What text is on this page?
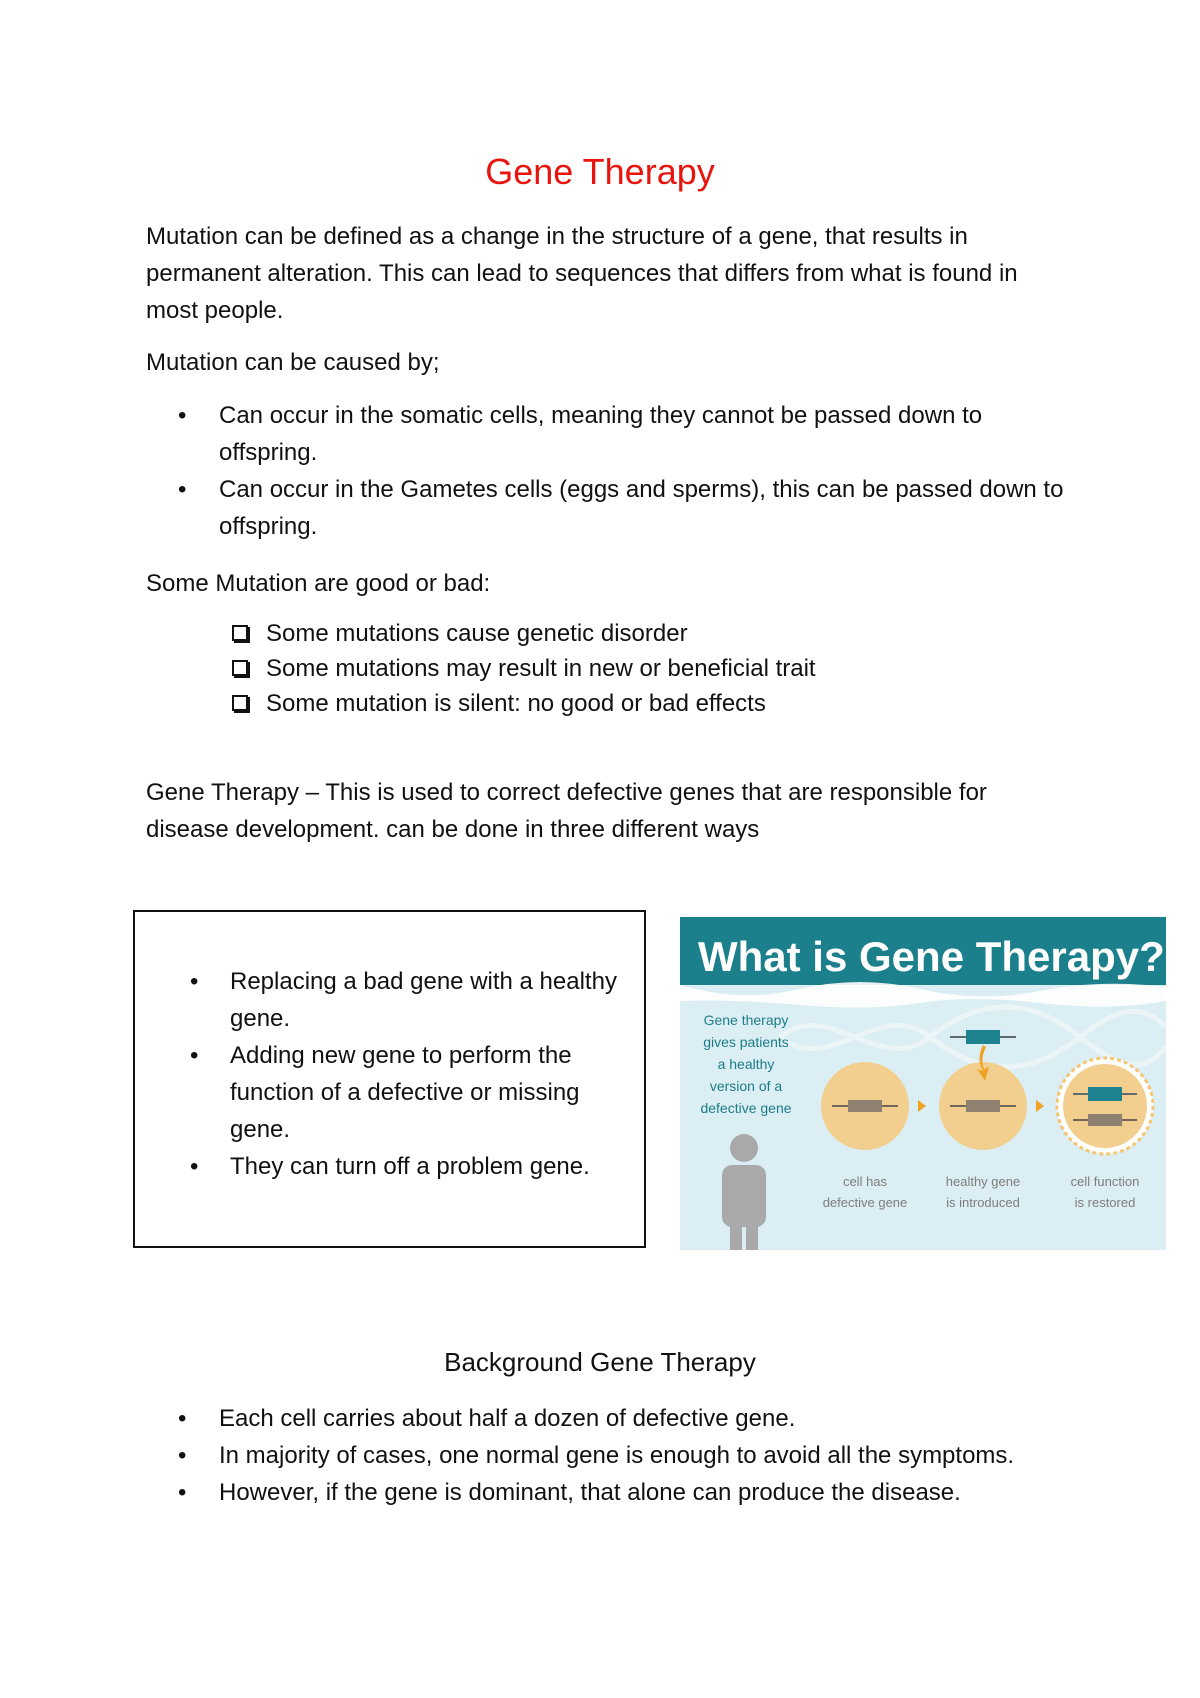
Gene Therapy

Mutation can be defined as a change in the structure of a gene, that results in permanent alteration. This can lead to sequences that differs from what is found in most people.

Mutation can be caused by;

• Can occur in the somatic cells, meaning they cannot be passed down to offspring.
• Can occur in the Gametes cells (eggs and sperms), this can be passed down to offspring.

Some Mutation are good or bad:

Some mutations cause genetic disorder
Some mutations may result in new or beneficial trait
Some mutation is silent: no good or bad effects

Gene Therapy – This is used to correct defective genes that are responsible for disease development. can be done in three different ways

• Replacing a bad gene with a healthy gene.
• Adding new gene to perform the function of a defective or missing gene.
• They can turn off a problem gene.
What is Gene Therapy?
Gene therapy
gives patients
a healthy
version of a
defective gene
cell has
defective gene
healthy gene
is introduced
cell function
is restored
Background Gene Therapy
• Each cell carries about half a dozen of defective gene.
• In majority of cases, one normal gene is enough to avoid all the symptoms.
• However, if the gene is dominant, that alone can produce the disease.
